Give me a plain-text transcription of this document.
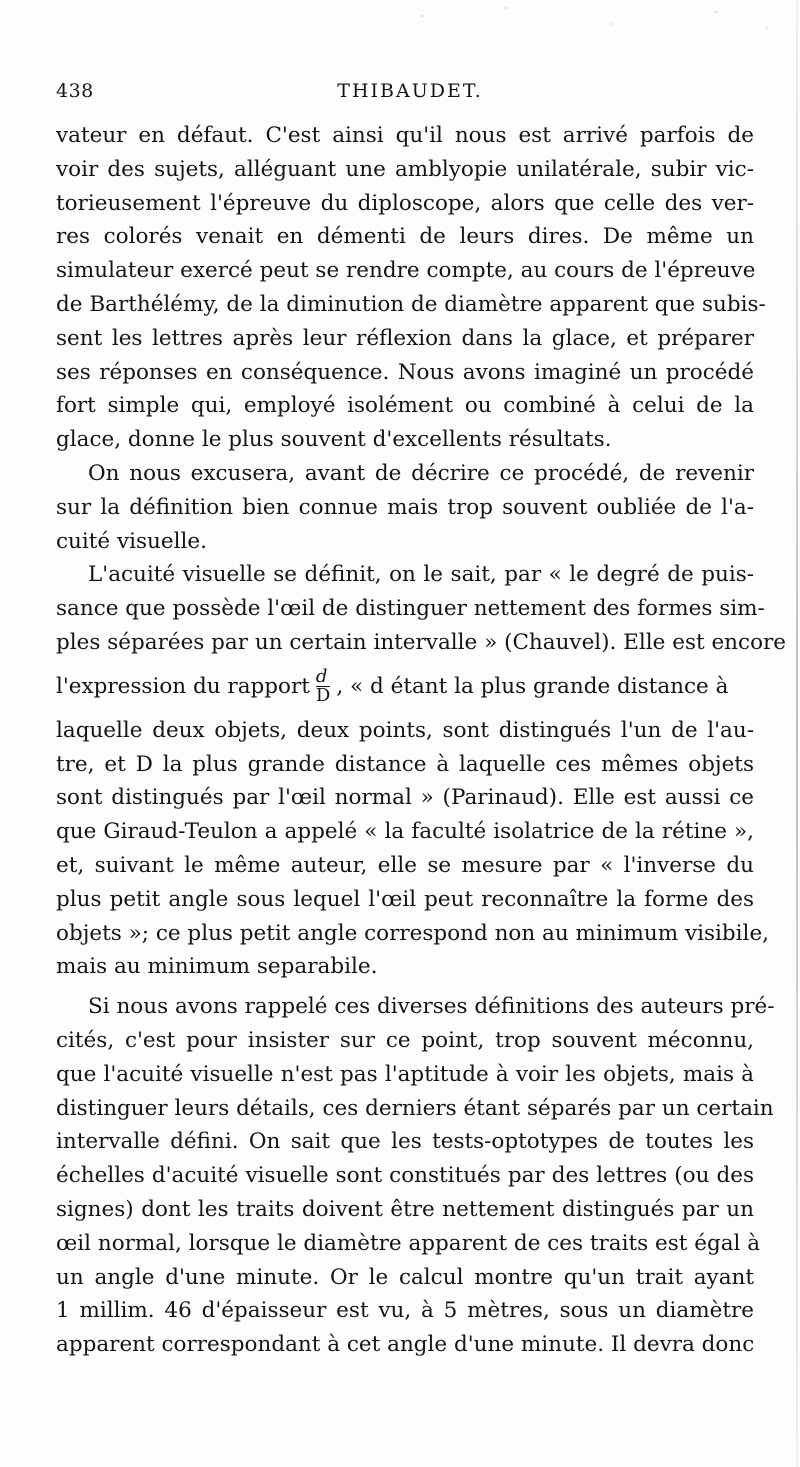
438	THIBAUDET.
vateur en défaut. C'est ainsi qu'il nous est arrivé parfois de
voir des sujets, alléguant une amblyopie unilatérale, subir vic-
torieusement l'épreuve du diploscope, alors que celle des ver-
res colorés venait en démenti de leurs dires. De même un
simulateur exercé peut se rendre compte, au cours de l'épreuve
de Barthélémy, de la diminution de diamètre apparent que subis-
sent les lettres après leur réflexion dans la glace, et préparer
ses réponses en conséquence. Nous avons imaginé un procédé
fort simple qui, employé isolément ou combiné à celui de la
glace, donne le plus souvent d'excellents résultats.
On nous excusera, avant de décrire ce procédé, de revenir
sur la définition bien connue mais trop souvent oubliée de l'a-
cuité visuelle.
L'acuité visuelle se définit, on le sait, par « le degré de puis-
sance que possède l'œil de distinguer nettement des formes sim-
ples séparées par un certain intervalle » (Chauvel). Elle est encore
l'expression du rapport $\frac{d}{D}$ , « d étant la plus grande distance à
laquelle deux objets, deux points, sont distingués l'un de l'au-
tre, et D la plus grande distance à laquelle ces mêmes objets
sont distingués par l'œil normal » (Parinaud). Elle est aussi ce
que Giraud-Teulon a appelé « la faculté isolatrice de la rétine »,
et, suivant le même auteur, elle se mesure par « l'inverse du
plus petit angle sous lequel l'œil peut reconnaître la forme des
objets »; ce plus petit angle correspond non au minimum visibile,
mais au minimum separabile.
Si nous avons rappelé ces diverses définitions des auteurs pré-
cités, c'est pour insister sur ce point, trop souvent méconnu,
que l'acuité visuelle n'est pas l'aptitude à voir les objets, mais à
distinguer leurs détails, ces derniers étant séparés par un certain
intervalle défini. On sait que les tests-optotypes de toutes les
échelles d'acuité visuelle sont constitués par des lettres (ou des
signes) dont les traits doivent être nettement distingués par un
œil normal, lorsque le diamètre apparent de ces traits est égal à
un angle d'une minute. Or le calcul montre qu'un trait ayant
1 millim. 46 d'épaisseur est vu, à 5 mètres, sous un diamètre
apparent correspondant à cet angle d'une minute. Il devra donc
